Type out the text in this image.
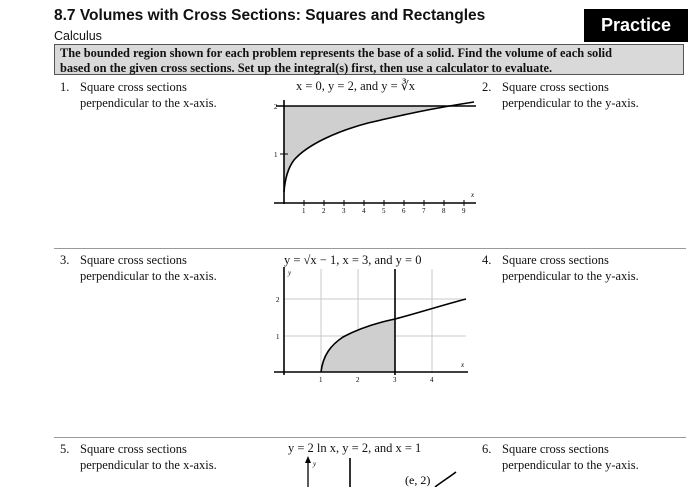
8.7 Volumes with Cross Sections: Squares and Rectangles
Calculus
Practice
The bounded region shown for each problem represents the base of a solid. Find the volume of each solid
based on the given cross sections. Set up the integral(s) first, then use a calculator to evaluate.
1. Square cross sections
perpendicular to the x-axis.
2. Square cross sections
perpendicular to the y-axis.
x = 0, y = 2, and y = ∛x
1
2
1 2 3 4 5 6 7 8 9
x
3. Square cross sections
perpendicular to the x-axis.
4. Square cross sections
perpendicular to the y-axis.
y = √x − 1, x = 3, and y = 0
y
x
2
1
1	2	3	4
5. Square cross sections
perpendicular to the x-axis.
6. Square cross sections
perpendicular to the y-axis.
y = 2 ln x, y = 2, and x = 1
y
(e, 2)
